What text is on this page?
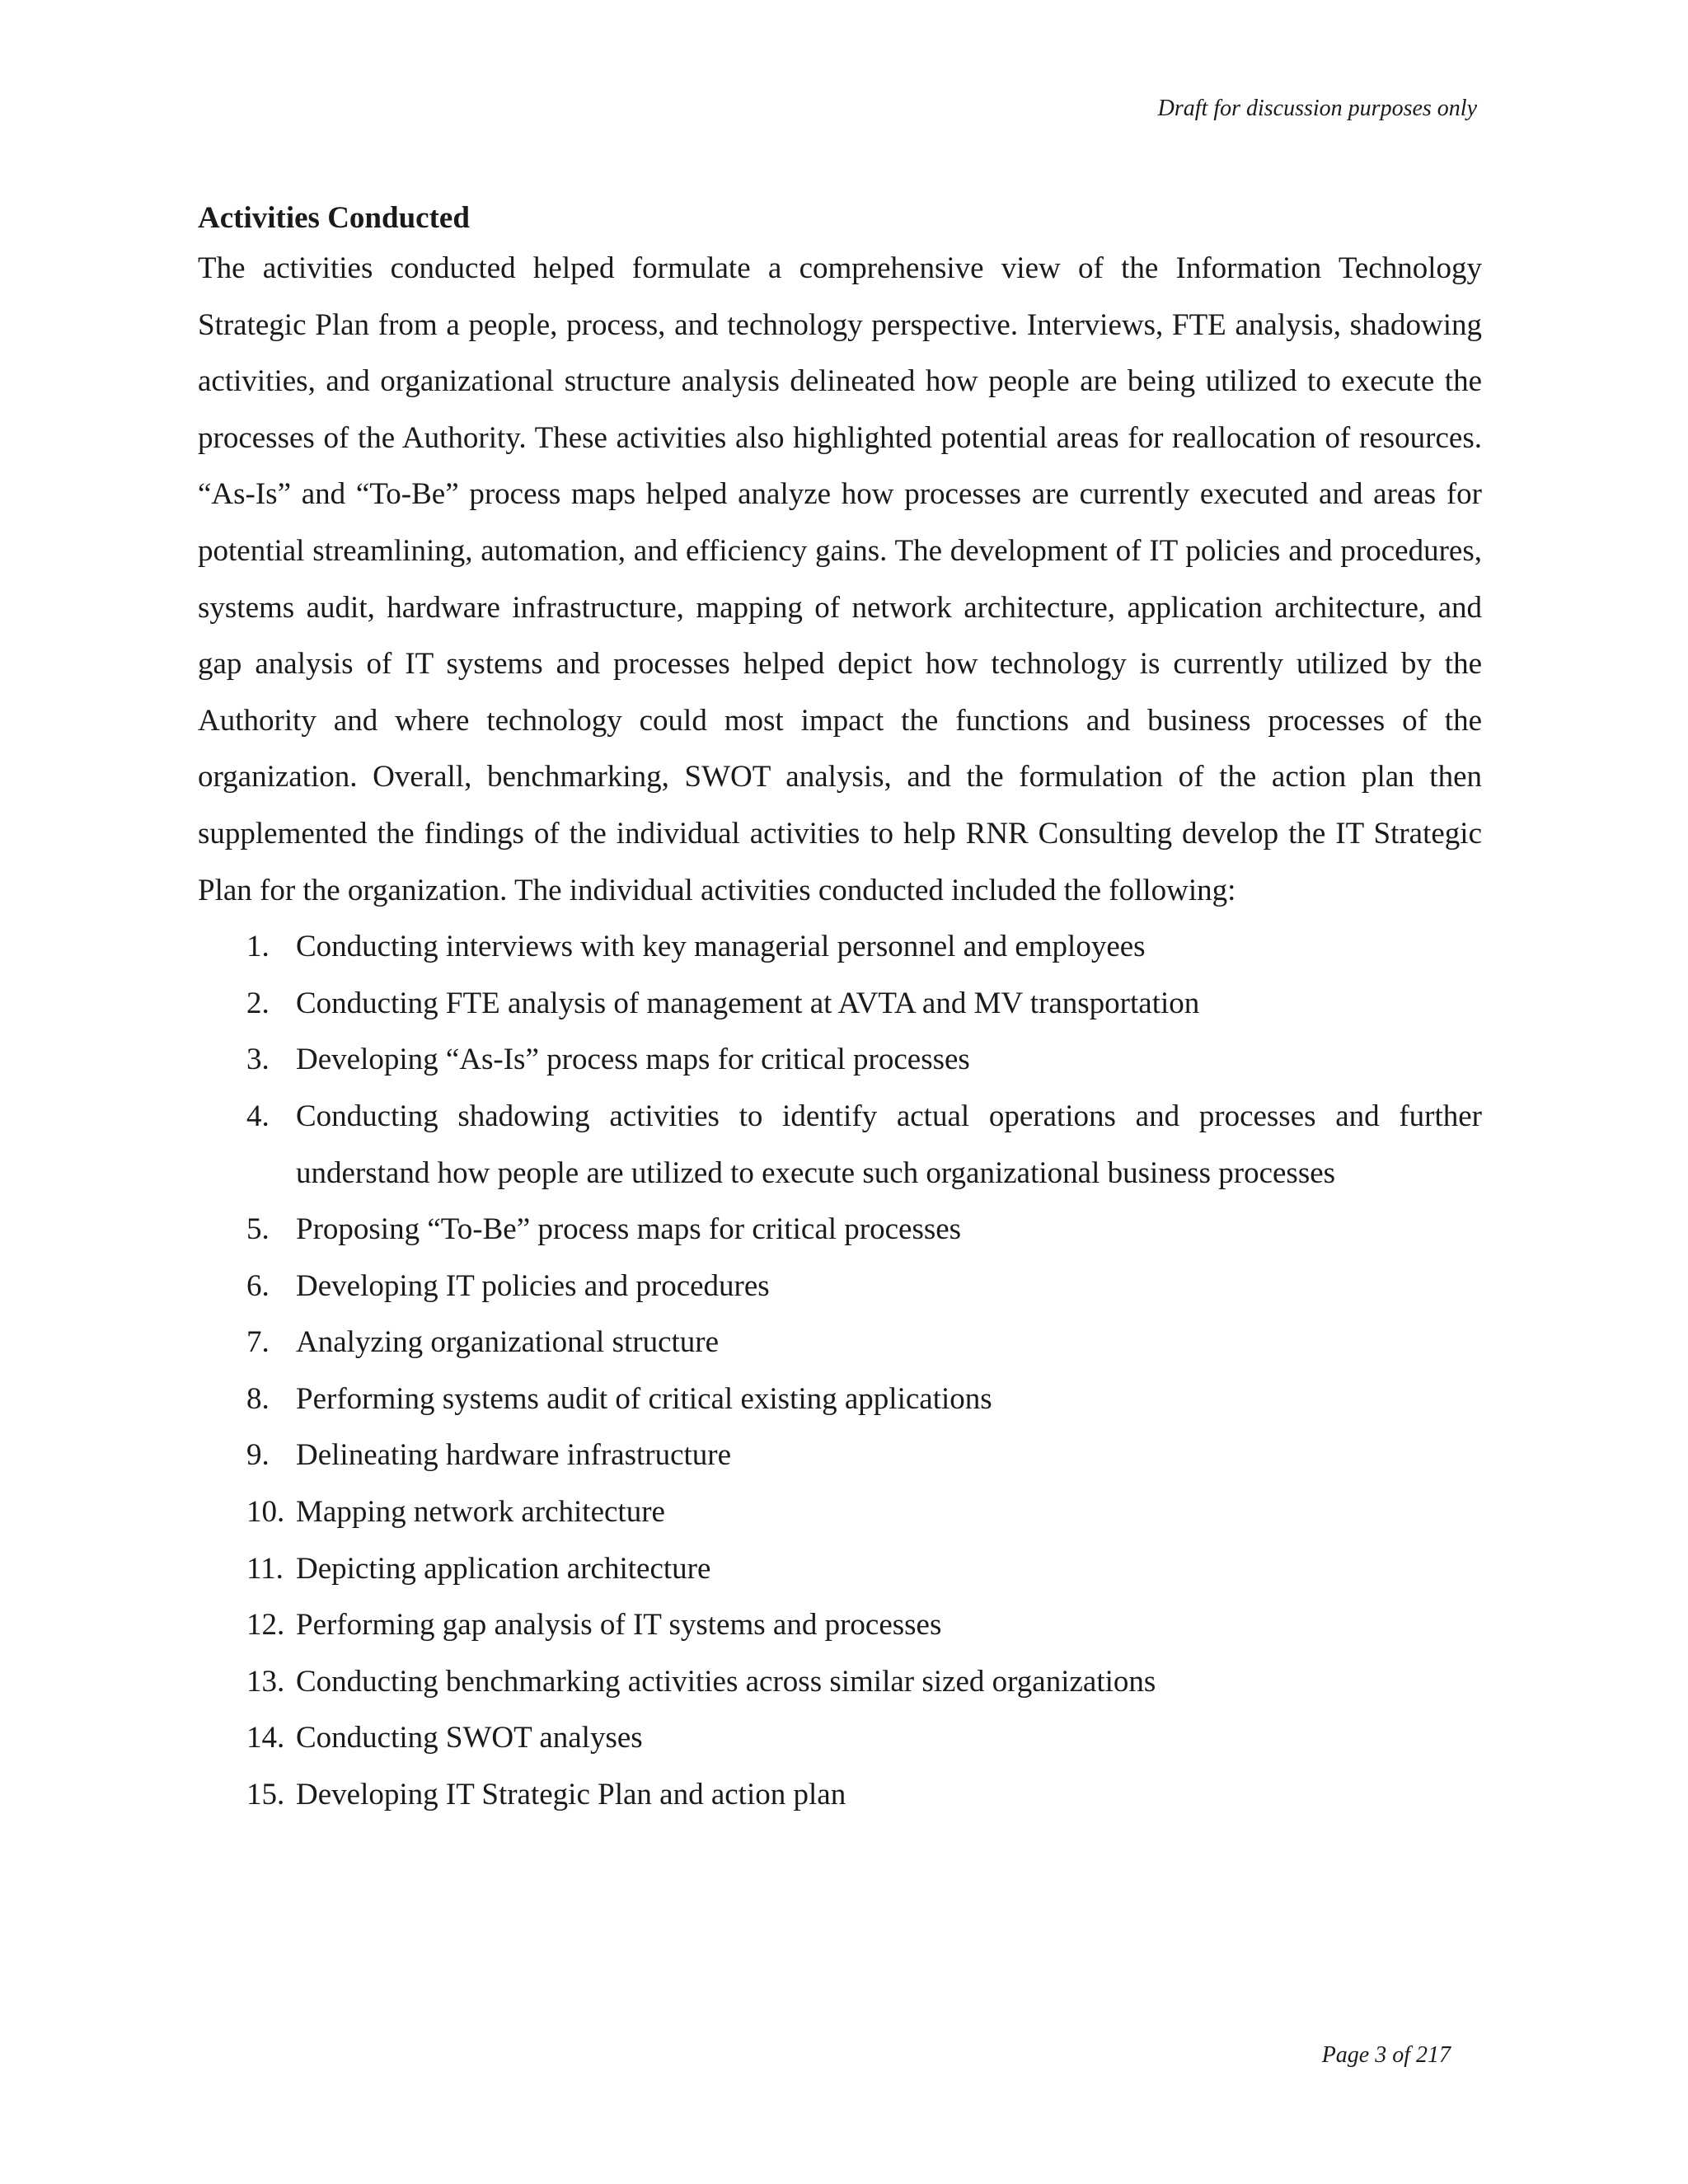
Draft for discussion purposes only
Activities Conducted

The activities conducted helped formulate a comprehensive view of the Information Technology Strategic Plan from a people, process, and technology perspective. Interviews, FTE analysis, shadowing activities, and organizational structure analysis delineated how people are being utilized to execute the processes of the Authority. These activities also highlighted potential areas for reallocation of resources. “As-Is” and “To-Be” process maps helped analyze how processes are currently executed and areas for potential streamlining, automation, and efficiency gains. The development of IT policies and procedures, systems audit, hardware infrastructure, mapping of network architecture, application architecture, and gap analysis of IT systems and processes helped depict how technology is currently utilized by the Authority and where technology could most impact the functions and business processes of the organization. Overall, benchmarking, SWOT analysis, and the formulation of the action plan then supplemented the findings of the individual activities to help RNR Consulting develop the IT Strategic Plan for the organization. The individual activities conducted included the following:

1. Conducting interviews with key managerial personnel and employees
2. Conducting FTE analysis of management at AVTA and MV transportation
3. Developing “As-Is” process maps for critical processes
4. Conducting shadowing activities to identify actual operations and processes and further understand how people are utilized to execute such organizational business processes
5. Proposing “To-Be” process maps for critical processes
6. Developing IT policies and procedures
7. Analyzing organizational structure
8. Performing systems audit of critical existing applications
9. Delineating hardware infrastructure
10. Mapping network architecture
11. Depicting application architecture
12. Performing gap analysis of IT systems and processes
13. Conducting benchmarking activities across similar sized organizations
14. Conducting SWOT analyses
15. Developing IT Strategic Plan and action plan
Page 3 of 217
